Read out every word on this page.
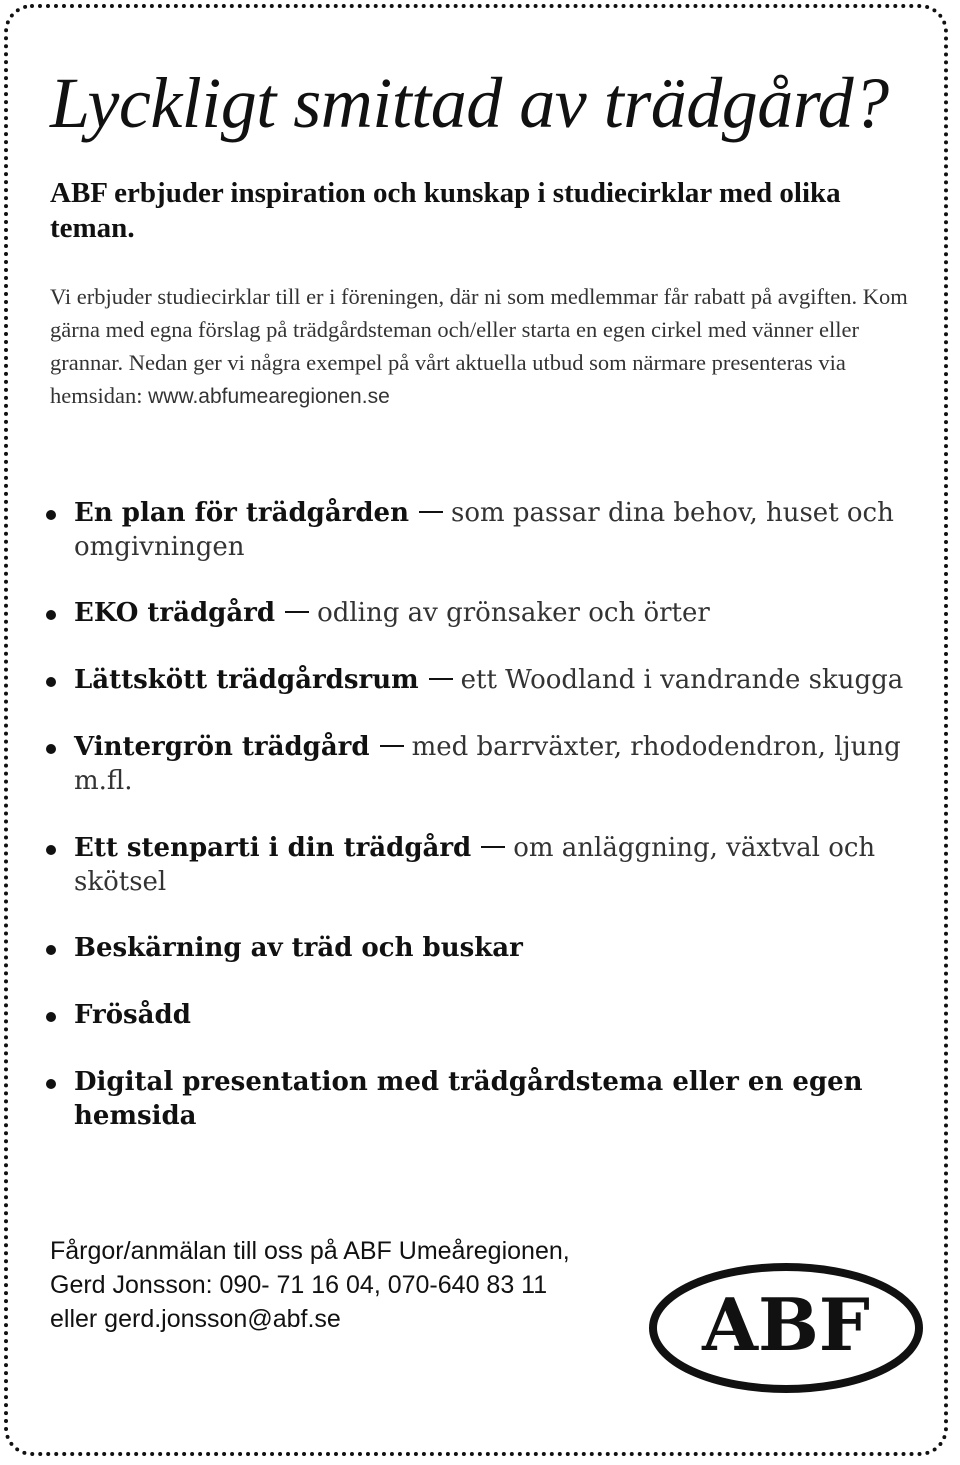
Lyckligt smittad av trädgård?

ABF erbjuder inspiration och kunskap i studiecirklar med olika teman.

Vi erbjuder studiecirklar till er i föreningen, där ni som medlemmar får rabatt på avgiften. Kom gärna med egna förslag på trädgårdsteman och/eller starta en egen cirkel med vänner eller grannar. Nedan ger vi några exempel på vårt aktuella utbud som närmare presenteras via hemsidan: www.abfumearegionen.se

En plan för trädgården som passar dina behov, huset och omgivningen
EKO trädgård odling av grönsaker och örter
Lättskött trädgårdsrum ett Woodland i vandrande skugga
Vintergrön trädgård med barrväxter, rhododendron, ljung m.fl.
Ett stenparti i din trädgård om anläggning, växtval och skötsel
Beskärning av träd och buskar
Frösådd
Digital presentation med trädgårdstema eller en egen hemsida
Fårgor/anmälan till oss på ABF Umeåregionen,
Gerd Jonsson: 090- 71 16 04, 070-640 83 11
eller gerd.jonsson@abf.se	ABF
